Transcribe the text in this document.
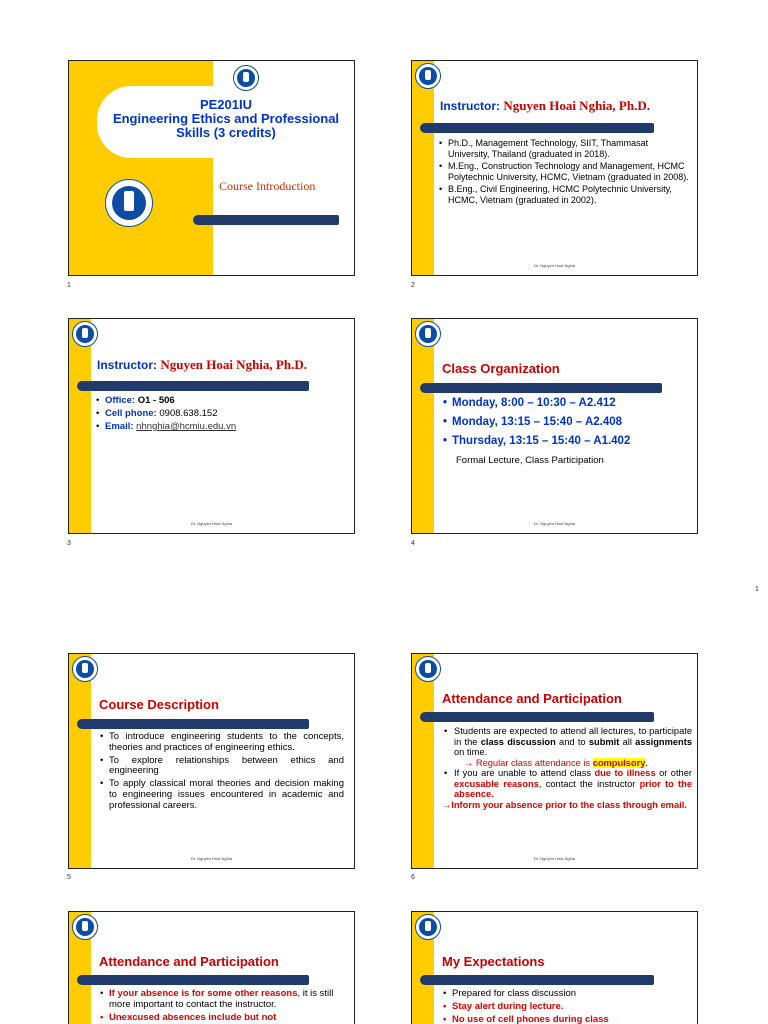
PE201IU
Engineering Ethics and Professional
Skills (3 credits)
Course Introduction
1
Instructor: Nguyen Hoai Nghia, Ph.D.
• Ph.D., Management Technology, SIIT, Thammasat University, Thailand (graduated in 2018).
• M.Eng., Construction Technology and Management, HCMC Polytechnic University, HCMC, Vietnam (graduated in 2008).
• B.Eng., Civil Engineering, HCMC Polytechnic University, HCMC, Vietnam (graduated in 2002).
Dr. Nguyen Hoai Nghia
2
Instructor: Nguyen Hoai Nghia, Ph.D.
• Office: O1 - 506
• Cell phone: 0908.638.152
• Email: nhnghia@hcmiu.edu.vn
Dr. Nguyen Hoai Nghia
3
Class Organization
• Monday, 8:00 – 10:30 – A2.412
• Monday, 13:15 – 15:40 – A2.408
• Thursday, 13:15 – 15:40 – A1.402
Formal Lecture, Class Participation
Dr. Nguyen Hoai Nghia
4
1
Course Description
• To introduce engineering students to the concepts, theories and practices of engineering ethics.
• To explore relationships between ethics and engineering
• To apply classical moral theories and decision making to engineering issues encountered in academic and professional careers.
Dr. Nguyen Hoai Nghia
5
Attendance and Participation
• Students are expected to attend all lectures, to participate in the class discussion and to submit all assignments on time.
→ Regular class attendance is compulsory.
• If you are unable to attend class due to illness or other excusable reasons, contact the instructor prior to the absence.
→Inform your absence prior to the class through email.
Dr. Nguyen Hoai Nghia
6
Attendance and Participation
• If your absence is for some other reasons, it is still more important to contact the instructor.
• Unexcused absences include but not
My Expectations
• Prepared for class discussion
• Stay alert during lecture.
• No use of cell phones during class
